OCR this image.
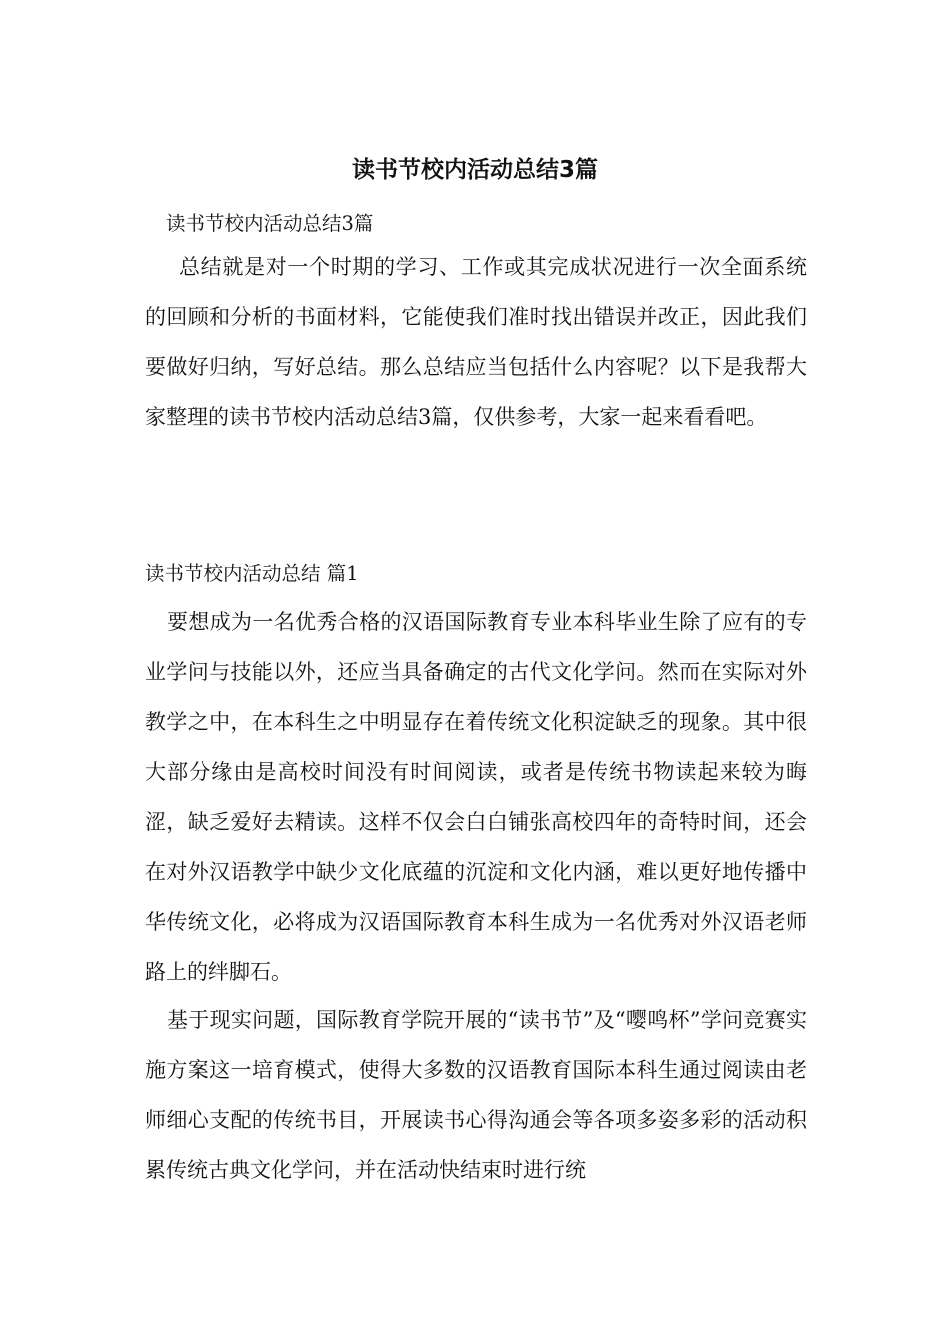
读书节校内活动总结3篇

读书节校内活动总结3篇

总结就是对一个时期的学习、工作或其完成状况进行一次全面系统的回顾和分析的书面材料，它能使我们准时找出错误并改正，因此我们要做好归纳，写好总结。那么总结应当包括什么内容呢？以下是我帮大家整理的读书节校内活动总结3篇，仅供参考，大家一起来看看吧。

读书节校内活动总结 篇1

要想成为一名优秀合格的汉语国际教育专业本科毕业生除了应有的专业学问与技能以外，还应当具备确定的古代文化学问。然而在实际对外教学之中，在本科生之中明显存在着传统文化积淀缺乏的现象。其中很大部分缘由是高校时间没有时间阅读，或者是传统书物读起来较为晦涩，缺乏爱好去精读。这样不仅会白白铺张高校四年的奇特时间，还会在对外汉语教学中缺少文化底蕴的沉淀和文化内涵，难以更好地传播中华传统文化，必将成为汉语国际教育本科生成为一名优秀对外汉语老师路上的绊脚石。

基于现实问题，国际教育学院开展的“读书节”及“嘤鸣杯”学问竞赛实施方案这一培育模式，使得大多数的汉语教育国际本科生通过阅读由老师细心支配的传统书目，开展读书心得沟通会等各项多姿多彩的活动积累传统古典文化学问，并在活动快结束时进行统
